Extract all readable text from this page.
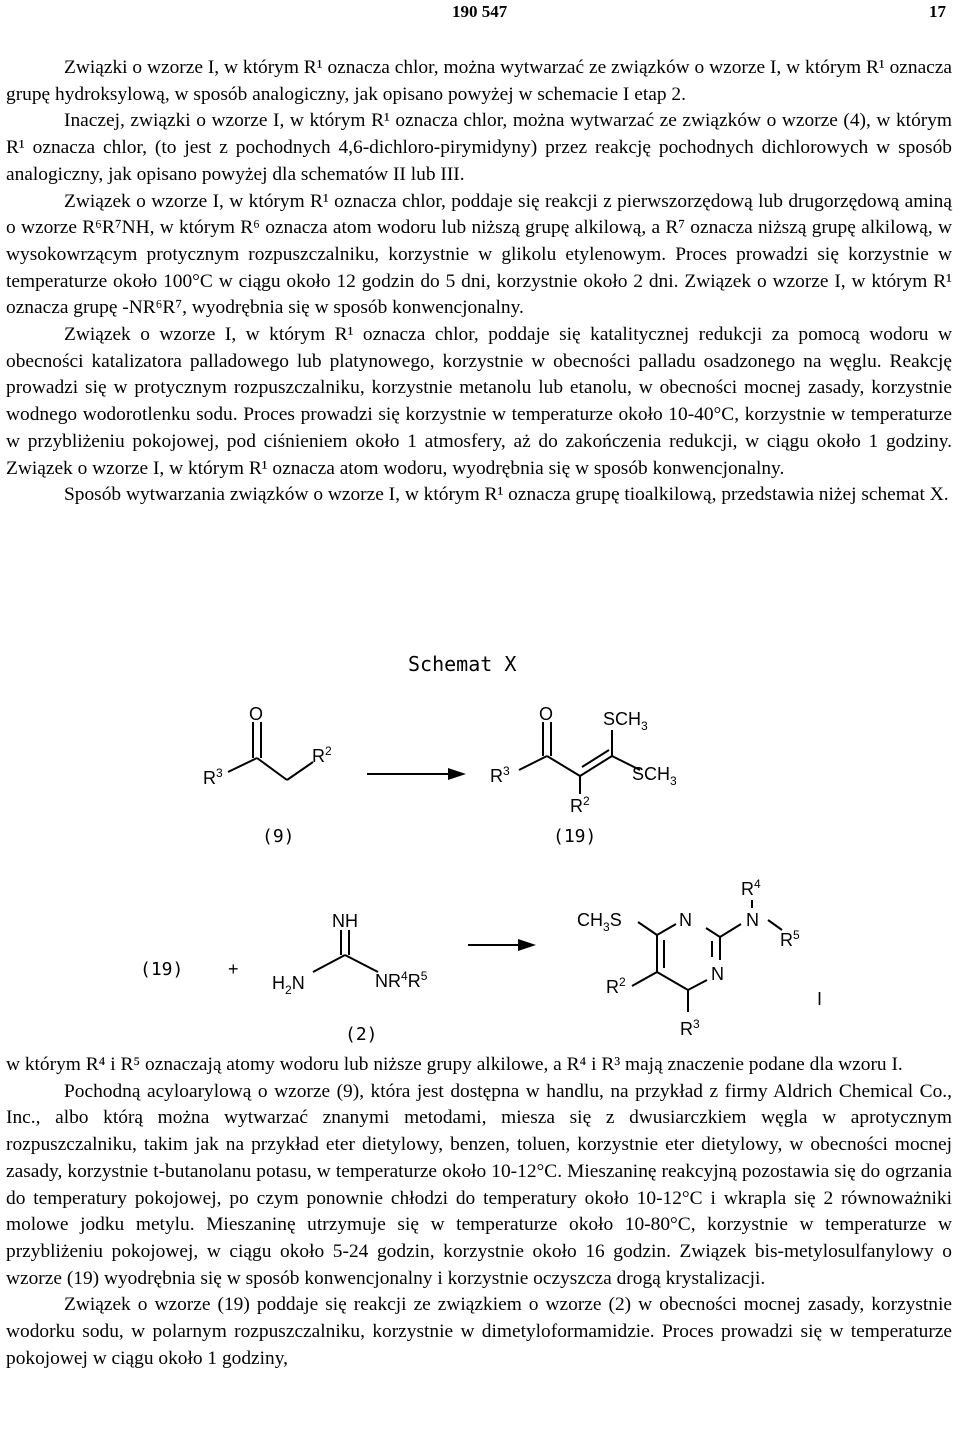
190 547	17

Związki o wzorze I, w którym R¹ oznacza chlor, można wytwarzać ze związków o wzorze I, w którym R¹ oznacza grupę hydroksylową, w sposób analogiczny, jak opisano powyżej w schemacie I etap 2.

Inaczej, związki o wzorze I, w którym R¹ oznacza chlor, można wytwarzać ze związków o wzorze (4), w którym R¹ oznacza chlor, (to jest z pochodnych 4,6-dichloro-pirymidyny) przez reakcję pochodnych dichlorowych w sposób analogiczny, jak opisano powyżej dla schematów II lub III.

Związek o wzorze I, w którym R¹ oznacza chlor, poddaje się reakcji z pierwszorzędową lub drugorzędową aminą o wzorze R⁶R⁷NH, w którym R⁶ oznacza atom wodoru lub niższą grupę alkilową, a R⁷ oznacza niższą grupę alkilową, w wysokowrzącym protycznym rozpuszczalniku, korzystnie w glikolu etylenowym. Proces prowadzi się korzystnie w temperaturze około 100°C w ciągu około 12 godzin do 5 dni, korzystnie około 2 dni. Związek o wzorze I, w którym R¹ oznacza grupę -NR⁶R⁷, wyodrębnia się w sposób konwencjonalny.

Związek o wzorze I, w którym R¹ oznacza chlor, poddaje się katalitycznej redukcji za pomocą wodoru w obecności katalizatora palladowego lub platynowego, korzystnie w obecności palladu osadzonego na węglu. Reakcję prowadzi się w protycznym rozpuszczalniku, korzystnie metanolu lub etanolu, w obecności mocnej zasady, korzystnie wodnego wodorotlenku sodu. Proces prowadzi się korzystnie w temperaturze około 10-40°C, korzystnie w temperaturze w przybliżeniu pokojowej, pod ciśnieniem około 1 atmosfery, aż do zakończenia redukcji, w ciągu około 1 godziny. Związek o wzorze I, w którym R¹ oznacza atom wodoru, wyodrębnia się w sposób konwencjonalny.

Sposób wytwarzania związków o wzorze I, w którym R¹ oznacza grupę tioalkilową, przedstawia niżej schemat X.

Schemat X
O
$R^3$
$R^2$
(9)
O	$SCH_3$
$R^3$	$SCH_3$
$R^2$
(19)
(19) +
NH
$H_2N$	$NR^4R^5$
(2)
$CH_3S$	N	N
$R^4$
$R^5$
N
$R^2$
$R^3$
I

w którym R⁴ i R⁵ oznaczają atomy wodoru lub niższe grupy alkilowe, a R⁴ i R³ mają znaczenie podane dla wzoru I.

Pochodną acyloarylową o wzorze (9), która jest dostępna w handlu, na przykład z firmy Aldrich Chemical Co., Inc., albo którą można wytwarzać znanymi metodami, miesza się z dwusiarczkiem węgla w aprotycznym rozpuszczalniku, takim jak na przykład eter dietylowy, benzen, toluen, korzystnie eter dietylowy, w obecności mocnej zasady, korzystnie t-butanolanu potasu, w temperaturze około 10-12°C. Mieszaninę reakcyjną pozostawia się do ogrzania do temperatury pokojowej, po czym ponownie chłodzi do temperatury około 10-12°C i wkrapla się 2 równoważniki molowe jodku metylu. Mieszaninę utrzymuje się w temperaturze około 10-80°C, korzystnie w temperaturze w przybliżeniu pokojowej, w ciągu około 5-24 godzin, korzystnie około 16 godzin. Związek bis-metylosulfanylowy o wzorze (19) wyodrębnia się w sposób konwencjonalny i korzystnie oczyszcza drogą krystalizacji.

Związek o wzorze (19) poddaje się reakcji ze związkiem o wzorze (2) w obecności mocnej zasady, korzystnie wodorku sodu, w polarnym rozpuszczalniku, korzystnie w dimetyloformamidzie. Proces prowadzi się w temperaturze pokojowej w ciągu około 1 godziny,
